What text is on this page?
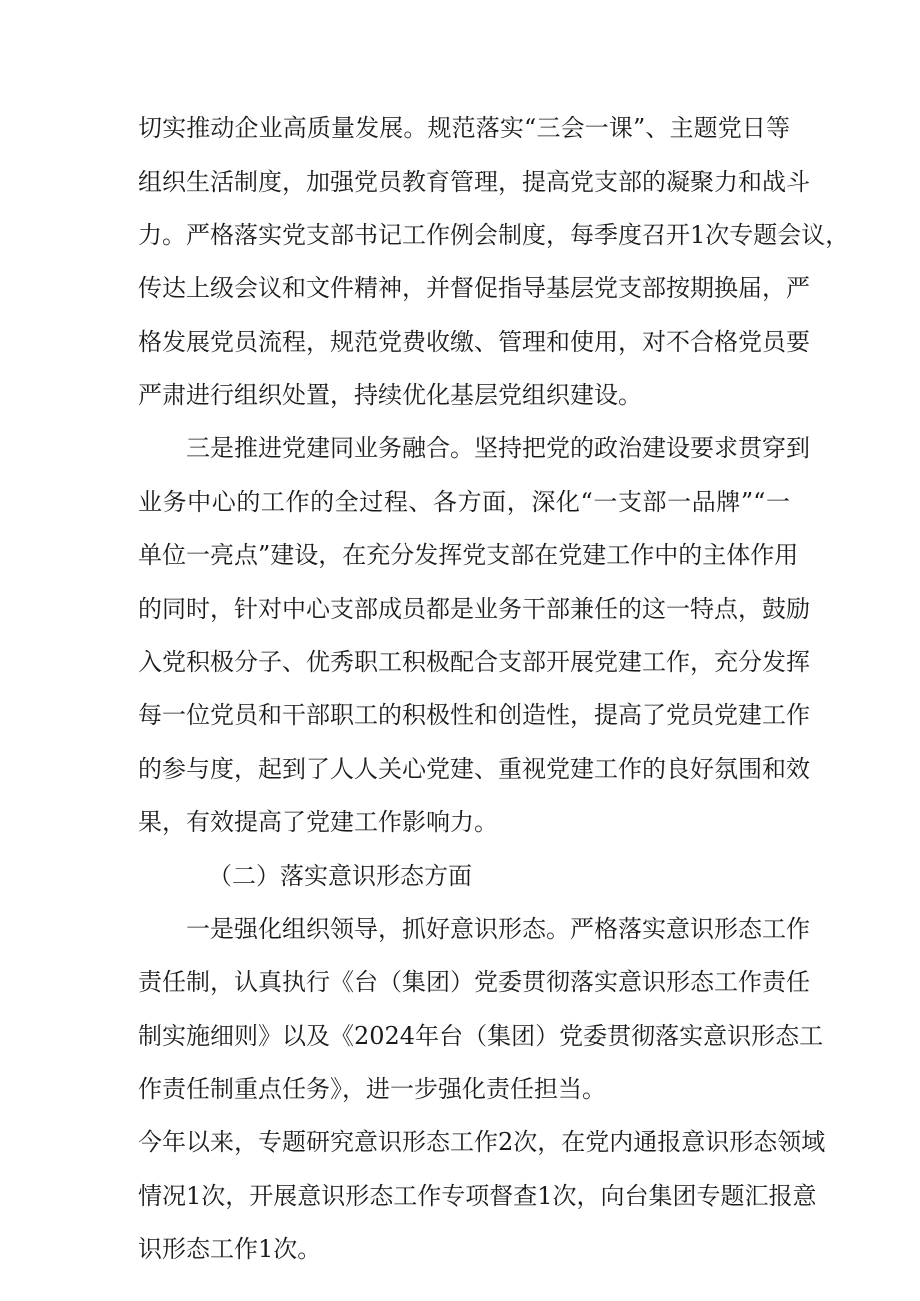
切实推动企业高质量发展。规范落实“三会一课”、主题党日等
组织生活制度，加强党员教育管理，提高党支部的凝聚力和战斗
力。严格落实党支部书记工作例会制度，每季度召开1次专题会议，
传达上级会议和文件精神，并督促指导基层党支部按期换届，严
格发展党员流程，规范党费收缴、管理和使用，对不合格党员要
严肃进行组织处置，持续优化基层党组织建设。
三是推进党建同业务融合。坚持把党的政治建设要求贯穿到
业务中心的工作的全过程、各方面，深化“一支部一品牌”“一
单位一亮点”建设，在充分发挥党支部在党建工作中的主体作用
的同时，针对中心支部成员都是业务干部兼任的这一特点，鼓励
入党积极分子、优秀职工积极配合支部开展党建工作，充分发挥
每一位党员和干部职工的积极性和创造性，提高了党员党建工作
的参与度，起到了人人关心党建、重视党建工作的良好氛围和效
果，有效提高了党建工作影响力。
（二）落实意识形态方面
一是强化组织领导，抓好意识形态。严格落实意识形态工作
责任制，认真执行《台（集团）党委贯彻落实意识形态工作责任
制实施细则》以及《2024年台（集团）党委贯彻落实意识形态工
作责任制重点任务》，进一步强化责任担当。
今年以来，专题研究意识形态工作2次，在党内通报意识形态领域
情况1次，开展意识形态工作专项督查1次，向台集团专题汇报意
识形态工作1次。
